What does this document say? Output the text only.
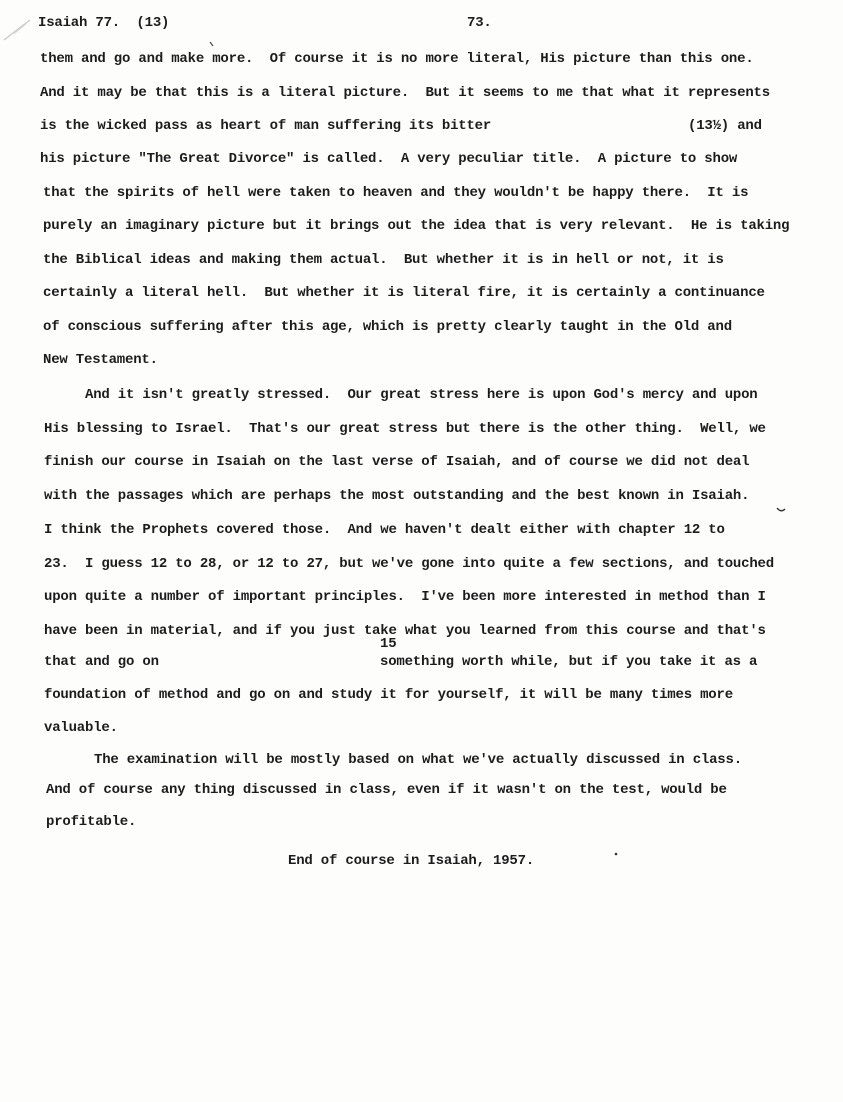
Isaiah 77.  (13)	73.
them and go and make more.  Of course it is no more literal, His picture than this one.
And it may be that this is a literal picture.  But it seems to me that what it represents
is the wicked pass as heart of man suffering its bitter	(13½) and
his picture "The Great Divorce" is called.  A very peculiar title.  A picture to show
that the spirits of hell were taken to heaven and they wouldn't be happy there.  It is
purely an imaginary picture but it brings out the idea that is very relevant.  He is taking
the Biblical ideas and making them actual.  But whether it is in hell or not, it is
certainly a literal hell.  But whether it is literal fire, it is certainly a continuance
of conscious suffering after this age, which is pretty clearly taught in the Old and
New Testament.
And it isn't greatly stressed.  Our great stress here is upon God's mercy and upon
His blessing to Israel.  That's our great stress but there is the other thing.  Well, we
finish our course in Isaiah on the last verse of Isaiah, and of course we did not deal
with the passages which are perhaps the most outstanding and the best known in Isaiah.
I think the Prophets covered those.  And we haven't dealt either with chapter 12 to
23.  I guess 12 to 28, or 12 to 27, but we've gone into quite a few sections, and touched
upon quite a number of important principles.  I've been more interested in method than I
have been in material, and if you just take what you learned from this course and that's
15
that and go on	something worth while, but if you take it as a
foundation of method and go on and study it for yourself, it will be many times more
valuable.
The examination will be mostly based on what we've actually discussed in class.
And of course any thing discussed in class, even if it wasn't on the test, would be
profitable.
End of course in Isaiah, 1957.
